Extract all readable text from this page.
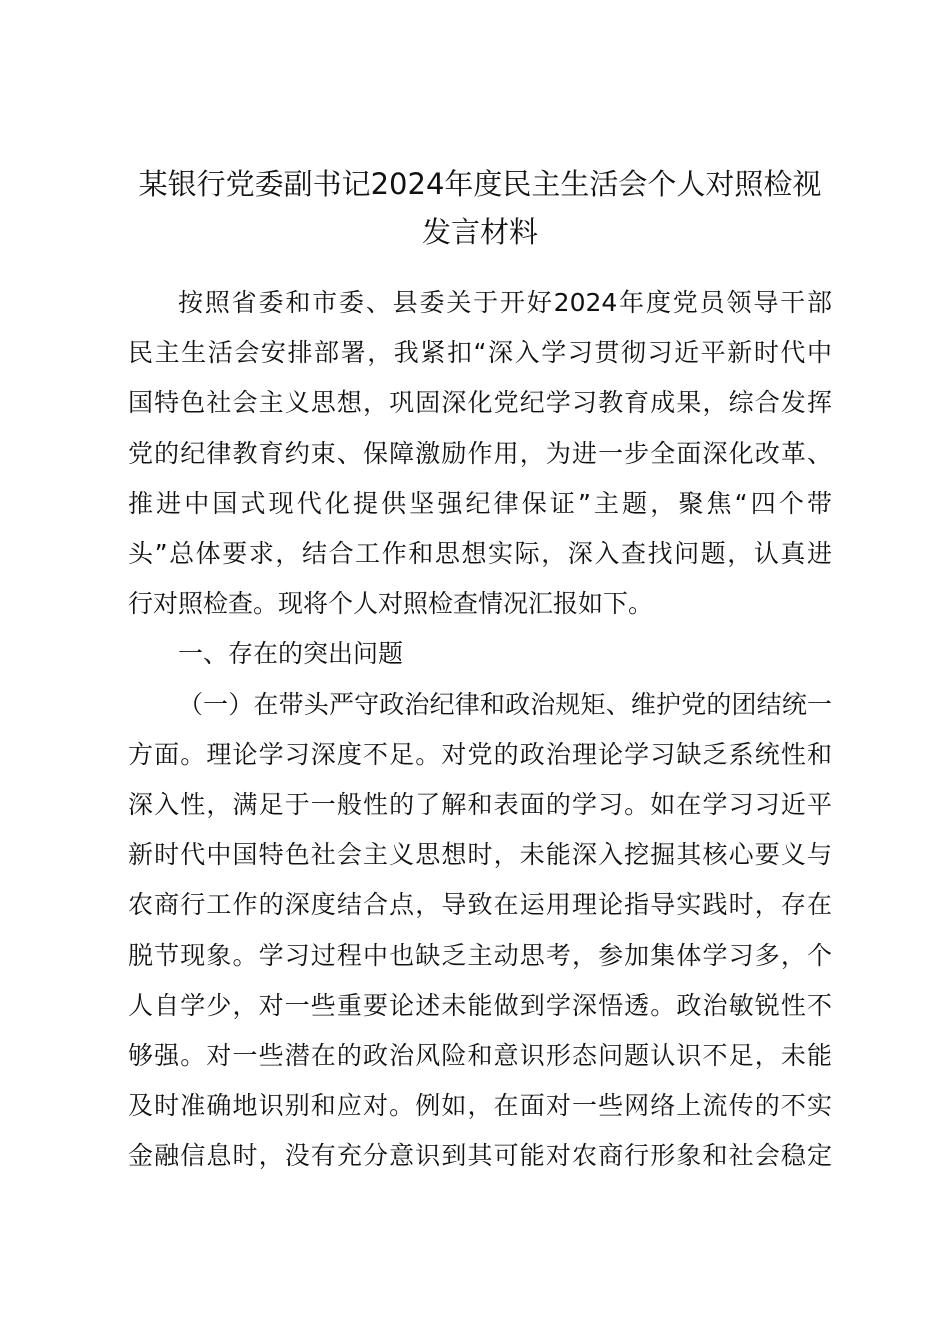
某银行党委副书记2024年度民主生活会个人对照检视
发言材料

按照省委和市委、县委关于开好2024年度党员领导干部

民主生活会安排部署，我紧扣“深入学习贯彻习近平新时代中

国特色社会主义思想，巩固深化党纪学习教育成果，综合发挥

党的纪律教育约束、保障激励作用，为进一步全面深化改革、

推进中国式现代化提供坚强纪律保证”主题，聚焦“四个带

头”总体要求，结合工作和思想实际，深入查找问题，认真进

行对照检查。现将个人对照检查情况汇报如下。

一、存在的突出问题

（一）在带头严守政治纪律和政治规矩、维护党的团结统一

方面。理论学习深度不足。对党的政治理论学习缺乏系统性和

深入性，满足于一般性的了解和表面的学习。如在学习习近平

新时代中国特色社会主义思想时，未能深入挖掘其核心要义与

农商行工作的深度结合点，导致在运用理论指导实践时，存在

脱节现象。学习过程中也缺乏主动思考，参加集体学习多，个

人自学少，对一些重要论述未能做到学深悟透。政治敏锐性不

够强。对一些潜在的政治风险和意识形态问题认识不足，未能

及时准确地识别和应对。例如，在面对一些网络上流传的不实

金融信息时，没有充分意识到其可能对农商行形象和社会稳定
